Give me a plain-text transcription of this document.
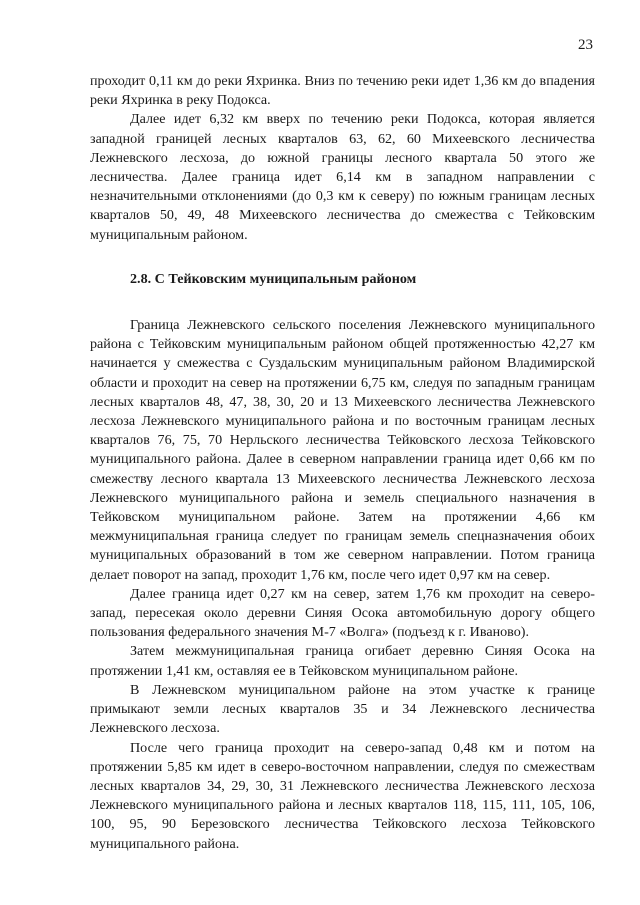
23

проходит 0,11 км до реки Яхринка. Вниз по течению реки идет 1,36 км до впадения реки Яхринка в реку Подокса.

Далее идет 6,32 км вверх по течению реки Подокса, которая является западной границей лесных кварталов 63, 62, 60 Михеевского лесничества Лежневского лесхоза, до южной границы лесного квартала 50 этого же лесничества. Далее граница идет 6,14 км в западном направлении с незначительными отклонениями (до 0,3 км к северу) по южным границам лесных кварталов 50, 49, 48 Михеевского лесничества до смежества с Тейковским муниципальным районом.

2.8. С Тейковским муниципальным районом

Граница Лежневского сельского поселения Лежневского муниципального района с Тейковским муниципальным районом общей протяженностью 42,27 км начинается у смежества с Суздальским муниципальным районом Владимирской области и проходит на север на протяжении 6,75 км, следуя по западным границам лесных кварталов 48, 47, 38, 30, 20 и 13 Михеевского лесничества Лежневского лесхоза Лежневского муниципального района и по восточным границам лесных кварталов 76, 75, 70 Нерльского лесничества Тейковского лесхоза Тейковского муниципального района. Далее в северном направлении граница идет 0,66 км по смежеству лесного квартала 13 Михеевского лесничества Лежневского лесхоза Лежневского муниципального района и земель специального назначения в Тейковском муниципальном районе. Затем на протяжении 4,66 км межмуниципальная граница следует по границам земель спецназначения обоих муниципальных образований в том же северном направлении. Потом граница делает поворот на запад, проходит 1,76 км, после чего идет 0,97 км на север.

Далее граница идет 0,27 км на север, затем 1,76 км проходит на северо-запад, пересекая около деревни Синяя Осока автомобильную дорогу общего пользования федерального значения М-7 «Волга» (подъезд к г. Иваново).

Затем межмуниципальная граница огибает деревню Синяя Осока на протяжении 1,41 км, оставляя ее в Тейковском муниципальном районе.

В Лежневском муниципальном районе на этом участке к границе примыкают земли лесных кварталов 35 и 34 Лежневского лесничества Лежневского лесхоза.

После чего граница проходит на северо-запад 0,48 км и потом на протяжении 5,85 км идет в северо-восточном направлении, следуя по смежествам лесных кварталов 34, 29, 30, 31 Лежневского лесничества Лежневского лесхоза Лежневского муниципального района и лесных кварталов 118, 115, 111, 105, 106, 100, 95, 90 Березовского лесничества Тейковского лесхоза Тейковского муниципального района.
